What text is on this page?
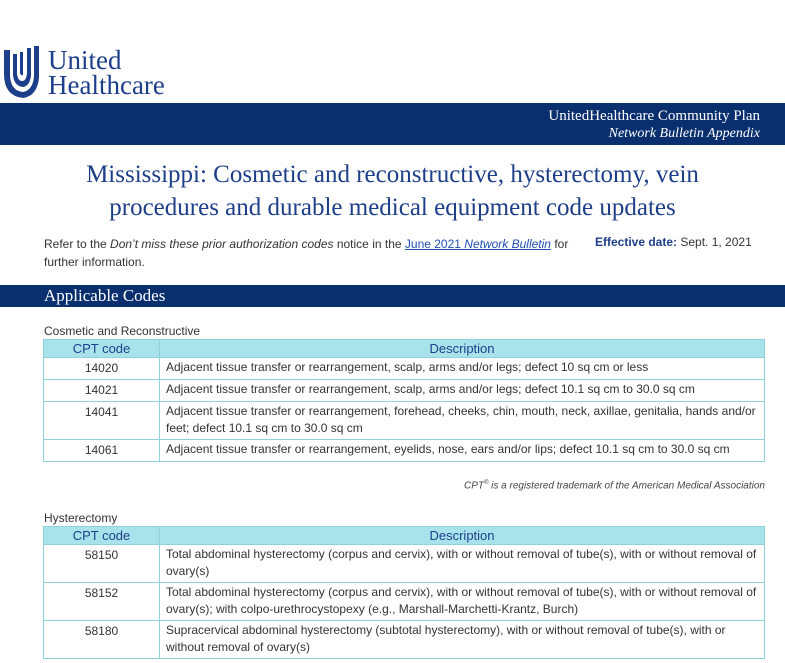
United
Healthcare
UnitedHealthcare Community Plan
Network Bulletin Appendix
Mississippi: Cosmetic and reconstructive, hysterectomy, vein
procedures and durable medical equipment code updates
Refer to the Don’t miss these prior authorization codes notice in the June 2021 Network Bulletin for further information.
Effective date: Sept. 1, 2021
Applicable Codes
Cosmetic and Reconstructive
CPT code	Description
14020	Adjacent tissue transfer or rearrangement, scalp, arms and/or legs; defect 10 sq cm or less
14021	Adjacent tissue transfer or rearrangement, scalp, arms and/or legs; defect 10.1 sq cm to 30.0 sq cm
14041	Adjacent tissue transfer or rearrangement, forehead, cheeks, chin, mouth, neck, axillae, genitalia, hands and/or feet; defect 10.1 sq cm to 30.0 sq cm
14061	Adjacent tissue transfer or rearrangement, eyelids, nose, ears and/or lips; defect 10.1 sq cm to 30.0 sq cm
CPT® is a registered trademark of the American Medical Association
Hysterectomy
CPT code	Description
58150	Total abdominal hysterectomy (corpus and cervix), with or without removal of tube(s), with or without removal of ovary(s)
58152	Total abdominal hysterectomy (corpus and cervix), with or without removal of tube(s), with or without removal of ovary(s); with colpo-urethrocystopexy (e.g., Marshall-Marchetti-Krantz, Burch)
58180	Supracervical abdominal hysterectomy (subtotal hysterectomy), with or without removal of tube(s), with or without removal of ovary(s)
